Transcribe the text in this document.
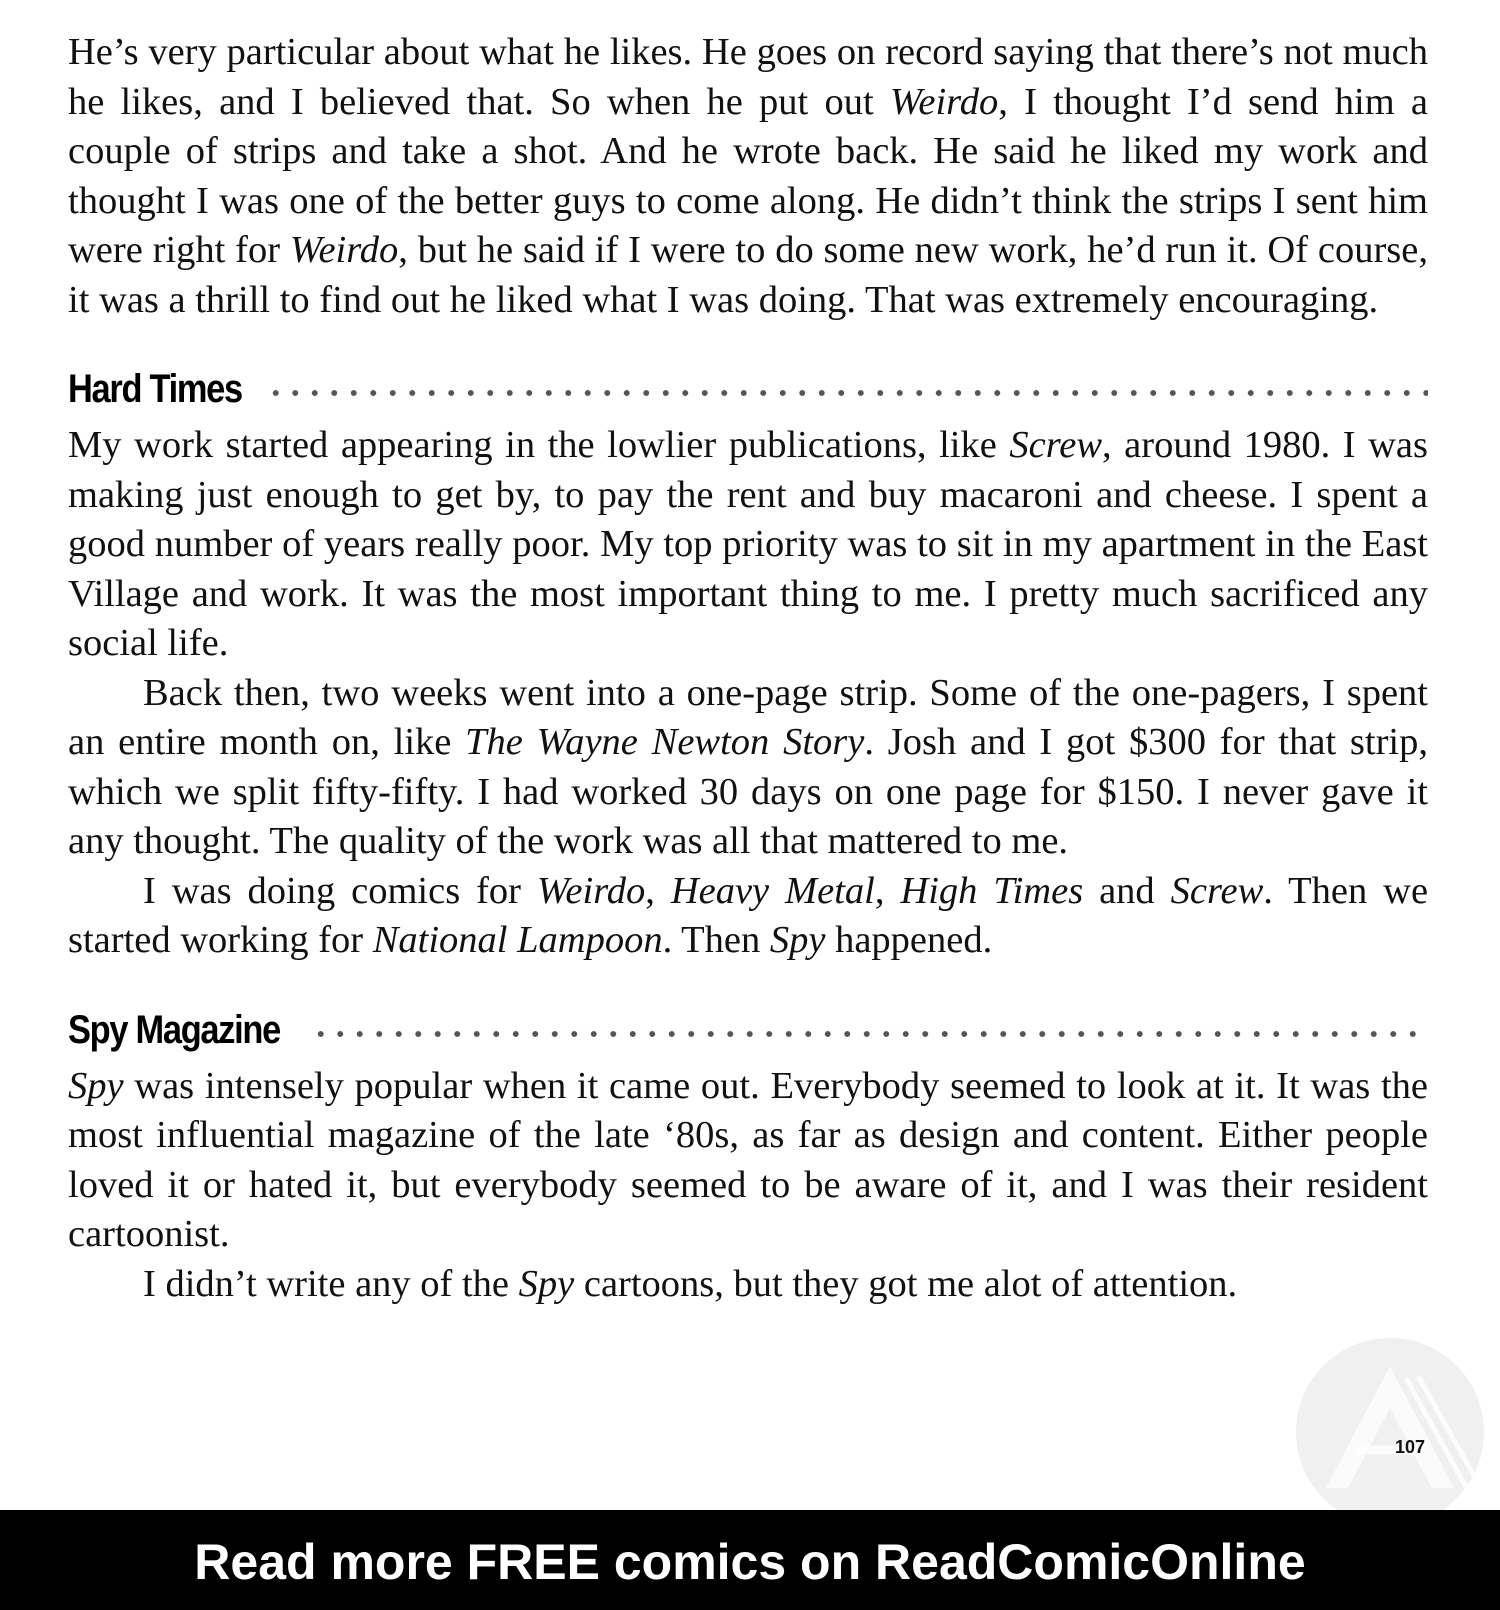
He’s very particular about what he likes. He goes on record saying that there’s not much he likes, and I believed that. So when he put out Weirdo, I thought I’d send him a couple of strips and take a shot. And he wrote back. He said he liked my work and thought I was one of the better guys to come along. He didn’t think the strips I sent him were right for Weirdo, but he said if I were to do some new work, he’d run it. Of course, it was a thrill to find out he liked what I was doing. That was extremely encouraging.

Hard Times

My work started appearing in the lowlier publications, like Screw, around 1980. I was making just enough to get by, to pay the rent and buy macaroni and cheese. I spent a good number of years really poor. My top priority was to sit in my apartment in the East Village and work. It was the most important thing to me. I pretty much sacrificed any social life.

Back then, two weeks went into a one-page strip. Some of the one-pagers, I spent an entire month on, like The Wayne Newton Story. Josh and I got $300 for that strip, which we split fifty-fifty. I had worked 30 days on one page for $150. I never gave it any thought. The quality of the work was all that mattered to me.

I was doing comics for Weirdo, Heavy Metal, High Times and Screw. Then we started working for National Lampoon. Then Spy happened.

Spy Magazine

Spy was intensely popular when it came out. Everybody seemed to look at it. It was the most influential magazine of the late ‘80s, as far as design and content. Either people loved it or hated it, but everybody seemed to be aware of it, and I was their resident cartoonist.

I didn’t write any of the Spy cartoons, but they got me alot of attention.

107
Read more FREE comics on ReadComicOnline
